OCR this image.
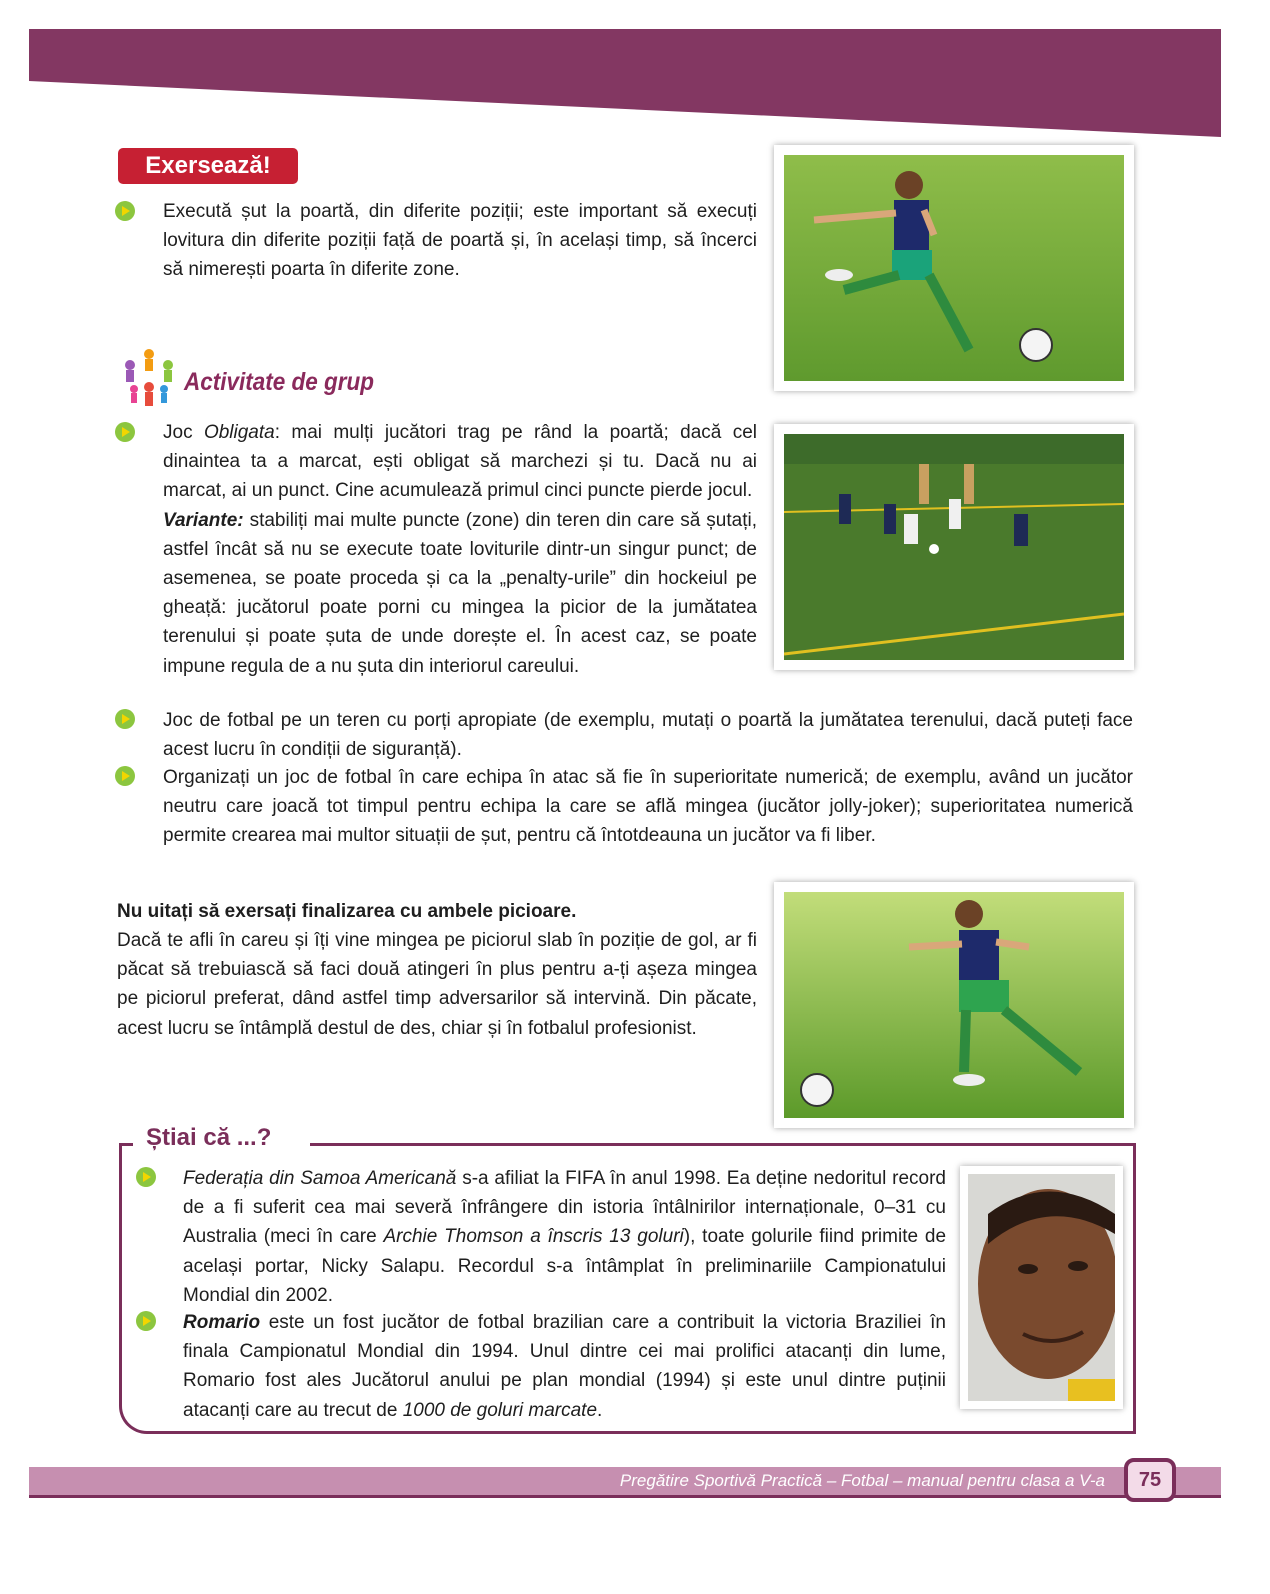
Exersează!
Execută șut la poartă, din diferite poziții; este important să execuți lovitura din diferite poziții față de poartă și, în același timp, să încerci să nimerești poarta în diferite zone.
Activitate de grup
Joc Obligata: mai mulți jucători trag pe rând la poartă; dacă cel dinaintea ta a marcat, ești obligat să marchezi și tu. Dacă nu ai marcat, ai un punct. Cine acumulează primul cinci puncte pierde jocul.
Variante: stabiliți mai multe puncte (zone) din teren din care să șutați, astfel încât să nu se execute toate loviturile dintr-un singur punct; de asemenea, se poate proceda și ca la „penalty-urile” din hockeiul pe gheață: jucătorul poate porni cu mingea la picior de la jumătatea terenului și poate șuta de unde dorește el. În acest caz, se poate impune regula de a nu șuta din interiorul careului.
Joc de fotbal pe un teren cu porți apropiate (de exemplu, mutați o poartă la jumătatea terenului, dacă puteți face acest lucru în condiții de siguranță).
Organizați un joc de fotbal în care echipa în atac să fie în superioritate numerică; de exemplu, având un jucător neutru care joacă tot timpul pentru echipa la care se află mingea (jucător jolly-joker); superioritatea numerică permite crearea mai multor situații de șut, pentru că întotdeauna un jucător va fi liber.
Nu uitați să exersați finalizarea cu ambele picioare.
Dacă te afli în careu și îți vine mingea pe piciorul slab în poziție de gol, ar fi păcat să trebuiască să faci două atingeri în plus pentru a-ți așeza mingea pe piciorul preferat, dând astfel timp adversarilor să intervină. Din păcate, acest lucru se întâmplă destul de des, chiar și în fotbalul profesionist.
Știai că ...?
Federația din Samoa Americană s-a afiliat la FIFA în anul 1998. Ea deține nedoritul record de a fi suferit cea mai severă înfrângere din istoria întâlnirilor internaționale, 0–31 cu Australia (meci în care Archie Thomson a înscris 13 goluri), toate golurile fiind primite de același portar, Nicky Salapu. Recordul s-a întâmplat în preliminariile Campionatului Mondial din 2002.
Romario este un fost jucător de fotbal brazilian care a contribuit la victoria Braziliei în finala Campionatul Mondial din 1994. Unul dintre cei mai prolifici atacanți din lume, Romario fost ales Jucătorul anului pe plan mondial (1994) și este unul dintre puținii atacanți care au trecut de 1000 de goluri marcate.
Pregătire Sportivă Practică – Fotbal – manual pentru clasa a V-a	75
